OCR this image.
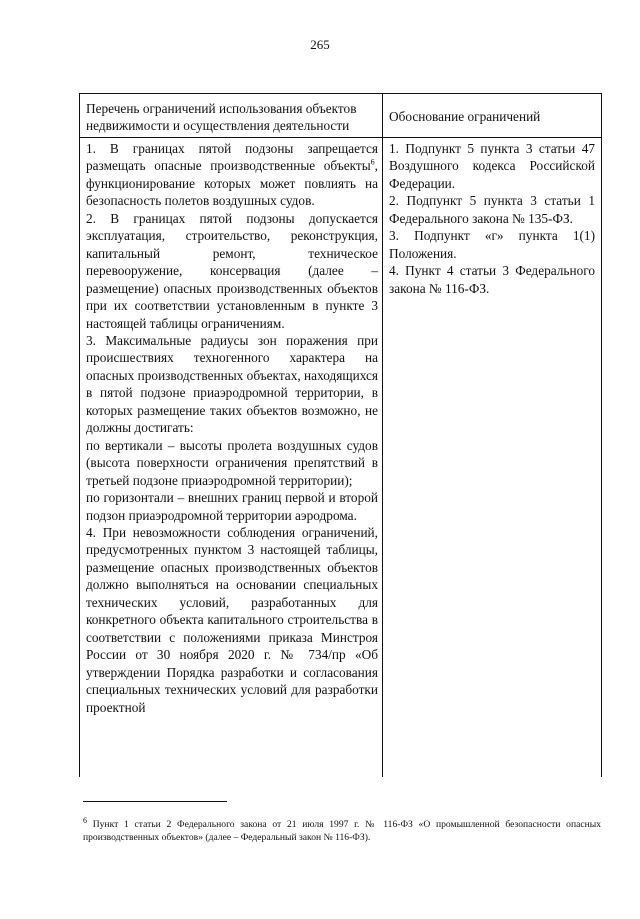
265
Перечень ограничений использования объектов недвижимости и осуществления деятельности
Обоснование ограничений

1. В границах пятой подзоны запрещается размещать опасные производственные объекты$^6$, функционирование которых может повлиять на безопасность полетов воздушных судов.

2. В границах пятой подзоны допускается эксплуатация, строительство, реконструкция, капитальный ремонт, техническое перевооружение, консервация (далее – размещение) опасных производственных объектов при их соответствии установленным в пункте 3 настоящей таблицы ограничениям.

3. Максимальные радиусы зон поражения при происшествиях техногенного характера на опасных производственных объектах, находящихся в пятой подзоне приаэродромной территории, в которых размещение таких объектов возможно, не должны достигать:

по вертикали – высоты пролета воздушных судов (высота поверхности ограничения препятствий в третьей подзоне приаэродромной территории);

по горизонтали – внешних границ первой и второй подзон приаэродромной территории аэродрома.

4. При невозможности соблюдения ограничений, предусмотренных пунктом 3 настоящей таблицы, размещение опасных производственных объектов должно выполняться на основании специальных технических условий, разработанных для конкретного объекта капитального строительства в соответствии с положениями приказа Минстроя России от 30 ноября 2020 г. № 734/пр «Об утверждении Порядка разработки и согласования специальных технических условий для разработки проектной

1. Подпункт 5 пункта 3 статьи 47 Воздушного кодекса Российской Федерации.

2. Подпункт 5 пункта 3 статьи 1 Федерального закона № 135-ФЗ.

3. Подпункт «г» пункта 1(1) Положения.

4. Пункт 4 статьи 3 Федерального закона № 116-ФЗ.

$^6$ Пункт 1 статьи 2 Федерального закона от 21 июля 1997 г. № 116-ФЗ «О промышленной безопасности опасных производственных объектов» (далее – Федеральный закон № 116-ФЗ).
